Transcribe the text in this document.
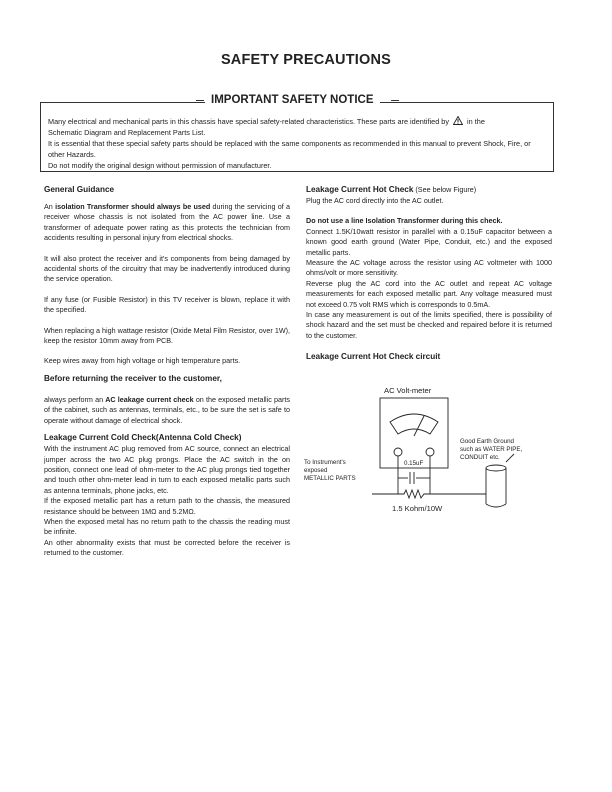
SAFETY PRECAUTIONS
IMPORTANT SAFETY NOTICE
Many electrical and mechanical parts in this chassis have special safety-related characteristics. These parts are identified by in the
Schematic Diagram and Replacement Parts List.
It is essential that these special safety parts should be replaced with the same components as recommended in this manual to prevent Shock, Fire, or other Hazards.
Do not modify the original design without permission of manufacturer.
General Guidance

An isolation Transformer should always be used during the servicing of a receiver whose chassis is not isolated from the AC power line. Use a transformer of adequate power rating as this protects the technician from accidents resulting in personal injury from electrical shocks.

It will also protect the receiver and it's components from being damaged by accidental shorts of the circuitry that may be inadvertently introduced during the service operation.

If any fuse (or Fusible Resistor) in this TV receiver is blown, replace it with the specified.

When replacing a high wattage resistor (Oxide Metal Film Resistor, over 1W), keep the resistor 10mm away from PCB.

Keep wires away from high voltage or high temperature parts.

Before returning the receiver to the customer,

always perform an AC leakage current check on the exposed metallic parts of the cabinet, such as antennas, terminals, etc., to be sure the set is safe to operate without damage of electrical shock.

Leakage Current Cold Check(Antenna Cold Check)

With the instrument AC plug removed from AC source, connect an electrical jumper across the two AC plug prongs. Place the AC switch in the on position, connect one lead of ohm-meter to the AC plug prongs tied together and touch other ohm-meter lead in turn to each exposed metallic parts such as antenna terminals, phone jacks, etc.

If the exposed metallic part has a return path to the chassis, the measured resistance should be between 1MΩ and 5.2MΩ.

When the exposed metal has no return path to the chassis the reading must be infinite.

An other abnormality exists that must be corrected before the receiver is returned to the customer.

Leakage Current Hot Check (See below Figure)

Plug the AC cord directly into the AC outlet.

Do not use a line Isolation Transformer during this check.

Connect 1.5K/10watt resistor in parallel with a 0.15uF capacitor between a known good earth ground (Water Pipe, Conduit, etc.) and the exposed metallic parts.

Measure the AC voltage across the resistor using AC voltmeter with 1000 ohms/volt or more sensitivity.

Reverse plug the AC cord into the AC outlet and repeat AC voltage measurements for each exposed metallic part. Any voltage measured must not exceed 0.75 volt RMS which is corresponds to 0.5mA.

In case any measurement is out of the limits specified, there is possibility of shock hazard and the set must be checked and repaired before it is returned to the customer.

Leakage Current Hot Check circuit
AC Volt-meter
0.15uF
1.5 Kohm/10W
To Instrument's
exposed
METALLIC PARTS
Good Earth Ground
such as WATER PIPE,
CONDUIT etc.
